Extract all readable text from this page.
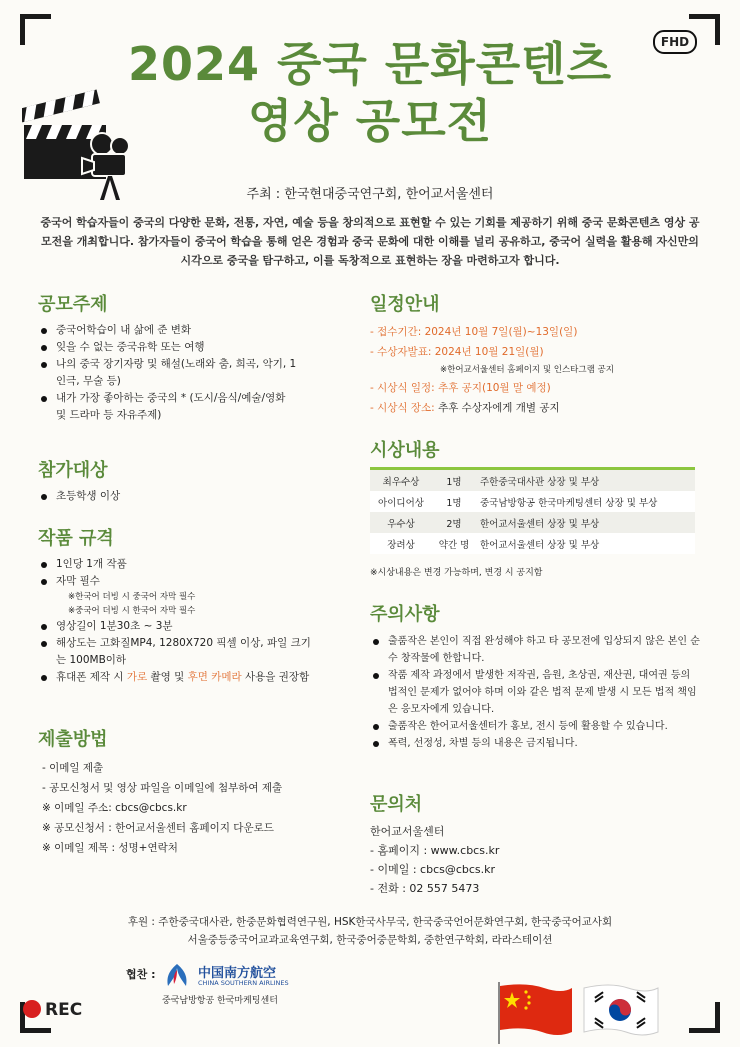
FHD
2024 중국 문화콘텐츠
영상 공모전
주최 : 한국현대중국연구회, 한어교서울센터
중국어 학습자들이 중국의 다양한 문화, 전통, 자연, 예술 등을 창의적으로 표현할 수 있는 기회를 제공하기 위해 중국 문화콘텐츠 영상 공모전을 개최합니다. 참가자들이 중국어 학습을 통해 얻은 경험과 중국 문화에 대한 이해를 널리 공유하고, 중국어 실력을 활용해 자신만의 시각으로 중국을 탐구하고, 이를 독창적으로 표현하는 장을 마련하고자 합니다.
공모주제
중국어학습이 내 삶에 준 변화
잊을 수 없는 중국유학 또는 여행
나의 중국 장기자랑 및 해설(노래와 춤, 희곡, 악기, 1인극, 무술 등)
내가 가장 좋아하는 중국의 * (도시/음식/예술/영화 및 드라마 등 자유주제)
참가대상
초등학생 이상
작품 규격
1인당 1개 작품
자막 필수
※한국어 더빙 시 중국어 자막 필수
※중국어 더빙 시 한국어 자막 필수
영상길이 1분30초 ~ 3분
해상도는 고화질MP4, 1280X720 픽셀 이상, 파일 크기는 100MB이하
휴대폰 제작 시 가로 촬영 및 후면 카메라 사용을 권장함
제출방법
- 이메일 제출
- 공모신청서 및 영상 파일을 이메일에 첨부하여 제출
※ 이메일 주소: cbcs@cbcs.kr
※ 공모신청서 : 한어교서울센터 홈페이지 다운로드
※ 이메일 제목 : 성명+연락처
일정안내
- 접수기간: 2024년 10월 7일(월)~13일(일)
- 수상자발표: 2024년 10월 21일(월)
※한어교서울센터 홈페이지 및 인스타그램 공지
- 시상식 일정: 추후 공지(10월 말 예정)
- 시상식 장소: 추후 수상자에게 개별 공지
시상내용
최우수상	1명	주한중국대사관 상장 및 부상
아이디어상	1명	중국남방항공 한국마케팅센터 상장 및 부상
우수상	2명	한어교서울센터 상장 및 부상
장려상	약간 명	한어교서울센터 상장 및 부상
※시상내용은 변경 가능하며, 변경 시 공지함
주의사항
출품작은 본인이 직접 완성해야 하고 타 공모전에 입상되지 않은 본인 순수 창작물에 한합니다.
작품 제작 과정에서 발생한 저작권, 음원, 초상권, 재산권, 대여권 등의 법적인 문제가 없어야 하며 이와 같은 법적 문제 발생 시 모든 법적 책임은 응모자에게 있습니다.
출품작은 한어교서울센터가 홍보, 전시 등에 활용할 수 있습니다.
폭력, 선정성, 차별 등의 내용은 금지됩니다.
문의처
한어교서울센터
- 홈페이지 : www.cbcs.kr
- 이메일 : cbcs@cbcs.kr
- 전화 : 02 557 5473
후원 : 주한중국대사관, 한중문화협력연구원, HSK한국사무국, 한국중국언어문화연구회, 한국중국어교사회
서울중등중국어교과교육연구회, 한국중어중문학회, 중한연구학회, 라라스테이션
협찬 :	中国南方航空
CHINA SOUTHERN AIRLINES
중국남방항공 한국마케팅센터
REC
